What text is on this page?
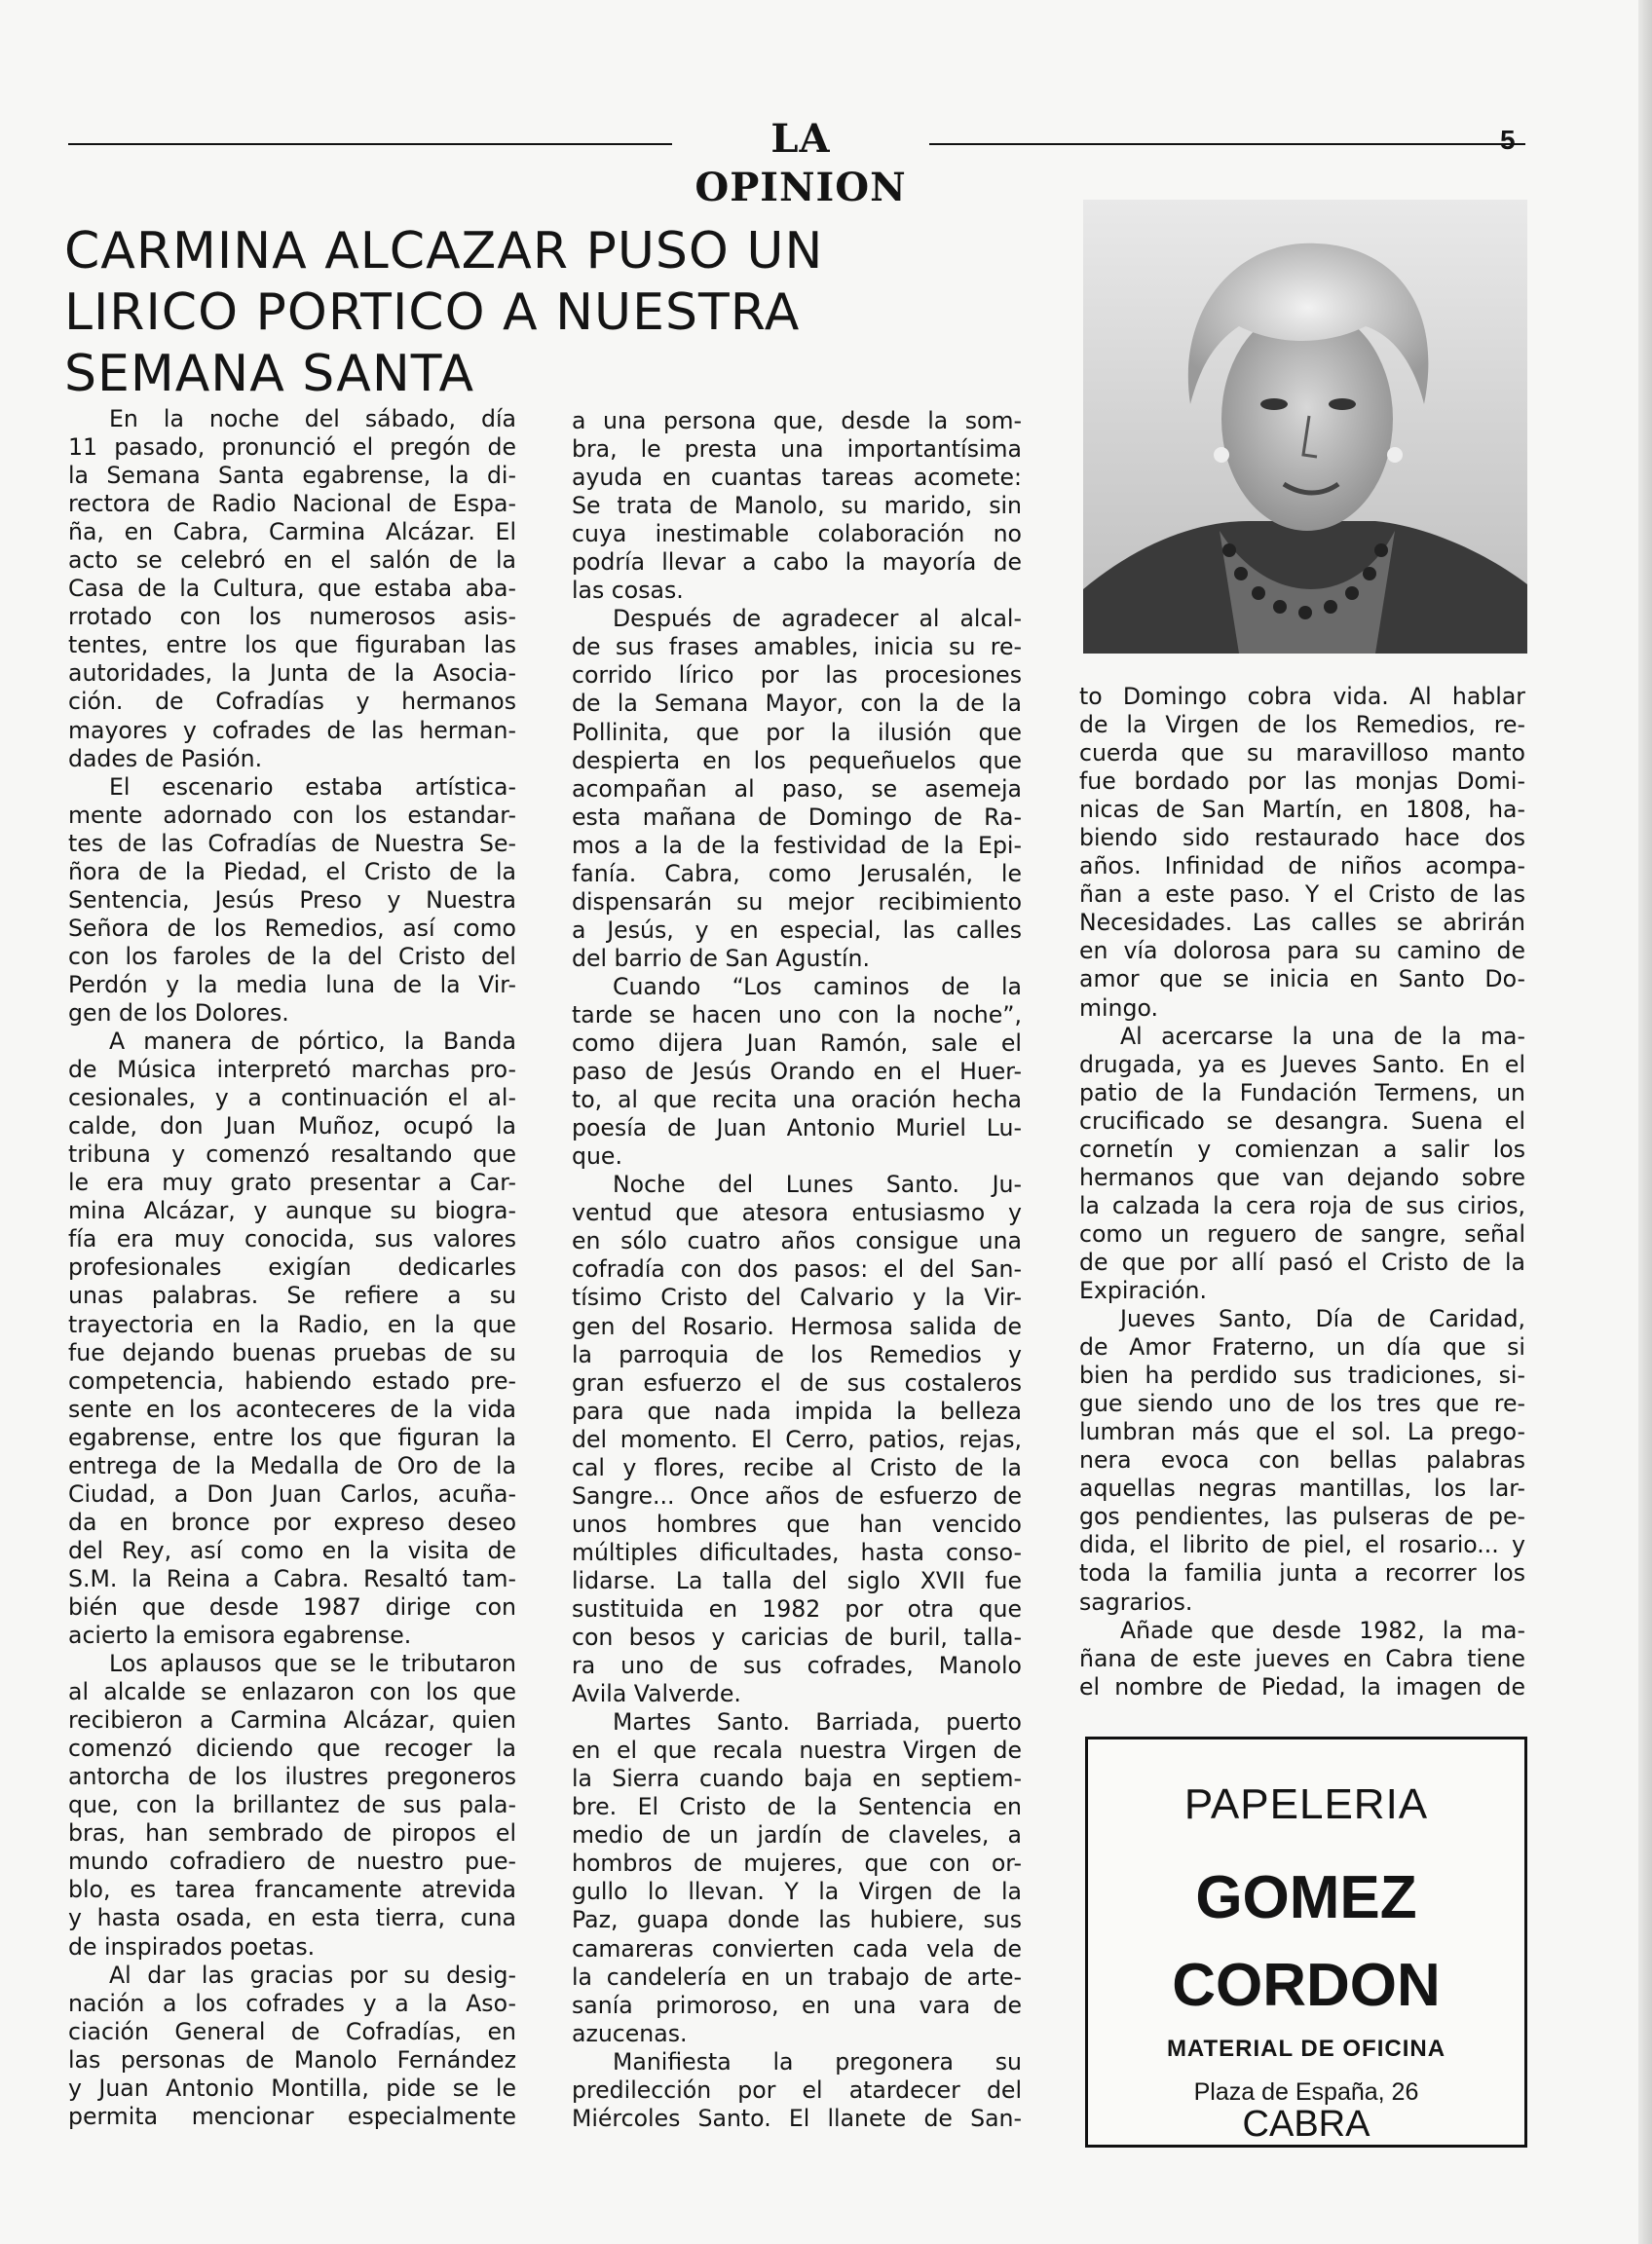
LA OPINION
5
CARMINA ALCAZAR PUSO UN
LIRICO PORTICO A NUESTRA
SEMANA SANTA
En la noche del sábado, día
11 pasado, pronunció el pregón de
la Semana Santa egabrense, la di-
rectora de Radio Nacional de Espa-
ña, en Cabra, Carmina Alcázar. El
acto se celebró en el salón de la
Casa de la Cultura, que estaba aba-
rrotado con los numerosos asis-
tentes, entre los que figuraban las
autoridades, la Junta de la Asocia-
ción. de Cofradías y hermanos
mayores y cofrades de las herman-
dades de Pasión.
El escenario estaba artística-
mente adornado con los estandar-
tes de las Cofradías de Nuestra Se-
ñora de la Piedad, el Cristo de la
Sentencia, Jesús Preso y Nuestra
Señora de los Remedios, así como
con los faroles de la del Cristo del
Perdón y la media luna de la Vir-
gen de los Dolores.
A manera de pórtico, la Banda
de Música interpretó marchas pro-
cesionales, y a continuación el al-
calde, don Juan Muñoz, ocupó la
tribuna y comenzó resaltando que
le era muy grato presentar a Car-
mina Alcázar, y aunque su biogra-
fía era muy conocida, sus valores
profesionales exigían dedicarles
unas palabras. Se refiere a su
trayectoria en la Radio, en la que
fue dejando buenas pruebas de su
competencia, habiendo estado pre-
sente en los aconteceres de la vida
egabrense, entre los que figuran la
entrega de la Medalla de Oro de la
Ciudad, a Don Juan Carlos, acuña-
da en bronce por expreso deseo
del Rey, así como en la visita de
S.M. la Reina a Cabra. Resaltó tam-
bién que desde 1987 dirige con
acierto la emisora egabrense.
Los aplausos que se le tributaron
al alcalde se enlazaron con los que
recibieron a Carmina Alcázar, quien
comenzó diciendo que recoger la
antorcha de los ilustres pregoneros
que, con la brillantez de sus pala-
bras, han sembrado de piropos el
mundo cofradiero de nuestro pue-
blo, es tarea francamente atrevida
y hasta osada, en esta tierra, cuna
de inspirados poetas.
Al dar las gracias por su desig-
nación a los cofrades y a la Aso-
ciación General de Cofradías, en
las personas de Manolo Fernández
y Juan Antonio Montilla, pide se le
permita mencionar especialmente
a una persona que, desde la som-
bra, le presta una importantísima
ayuda en cuantas tareas acomete:
Se trata de Manolo, su marido, sin
cuya inestimable colaboración no
podría llevar a cabo la mayoría de
las cosas.
Después de agradecer al alcal-
de sus frases amables, inicia su re-
corrido lírico por las procesiones
de la Semana Mayor, con la de la
Pollinita, que por la ilusión que
despierta en los pequeñuelos que
acompañan al paso, se asemeja
esta mañana de Domingo de Ra-
mos a la de la festividad de la Epi-
fanía. Cabra, como Jerusalén, le
dispensarán su mejor recibimiento
a Jesús, y en especial, las calles
del barrio de San Agustín.
Cuando “Los caminos de la
tarde se hacen uno con la noche”,
como dijera Juan Ramón, sale el
paso de Jesús Orando en el Huer-
to, al que recita una oración hecha
poesía de Juan Antonio Muriel Lu-
que.
Noche del Lunes Santo. Ju-
ventud que atesora entusiasmo y
en sólo cuatro años consigue una
cofradía con dos pasos: el del San-
tísimo Cristo del Calvario y la Vir-
gen del Rosario. Hermosa salida de
la parroquia de los Remedios y
gran esfuerzo el de sus costaleros
para que nada impida la belleza
del momento. El Cerro, patios, rejas,
cal y flores, recibe al Cristo de la
Sangre... Once años de esfuerzo de
unos hombres que han vencido
múltiples dificultades, hasta conso-
lidarse. La talla del siglo XVII fue
sustituida en 1982 por otra que
con besos y caricias de buril, talla-
ra uno de sus cofrades, Manolo
Avila Valverde.
Martes Santo. Barriada, puerto
en el que recala nuestra Virgen de
la Sierra cuando baja en septiem-
bre. El Cristo de la Sentencia en
medio de un jardín de claveles, a
hombros de mujeres, que con or-
gullo lo llevan. Y la Virgen de la
Paz, guapa donde las hubiere, sus
camareras convierten cada vela de
la candelería en un trabajo de arte-
sanía primoroso, en una vara de
azucenas.
Manifiesta la pregonera su
predilección por el atardecer del
Miércoles Santo. El llanete de San-
to Domingo cobra vida. Al hablar
de la Virgen de los Remedios, re-
cuerda que su maravilloso manto
fue bordado por las monjas Domi-
nicas de San Martín, en 1808, ha-
biendo sido restaurado hace dos
años. Infinidad de niños acompa-
ñan a este paso. Y el Cristo de las
Necesidades. Las calles se abrirán
en vía dolorosa para su camino de
amor que se inicia en Santo Do-
mingo.
Al acercarse la una de la ma-
drugada, ya es Jueves Santo. En el
patio de la Fundación Termens, un
crucificado se desangra. Suena el
cornetín y comienzan a salir los
hermanos que van dejando sobre
la calzada la cera roja de sus cirios,
como un reguero de sangre, señal
de que por allí pasó el Cristo de la
Expiración.
Jueves Santo, Día de Caridad,
de Amor Fraterno, un día que si
bien ha perdido sus tradiciones, si-
gue siendo uno de los tres que re-
lumbran más que el sol. La prego-
nera evoca con bellas palabras
aquellas negras mantillas, los lar-
gos pendientes, las pulseras de pe-
dida, el librito de piel, el rosario... y
toda la familia junta a recorrer los
sagrarios.
Añade que desde 1982, la ma-
ñana de este jueves en Cabra tiene
el nombre de Piedad, la imagen de
PAPELERIA
GOMEZ
CORDON
MATERIAL DE OFICINA
Plaza de España, 26
CABRA
